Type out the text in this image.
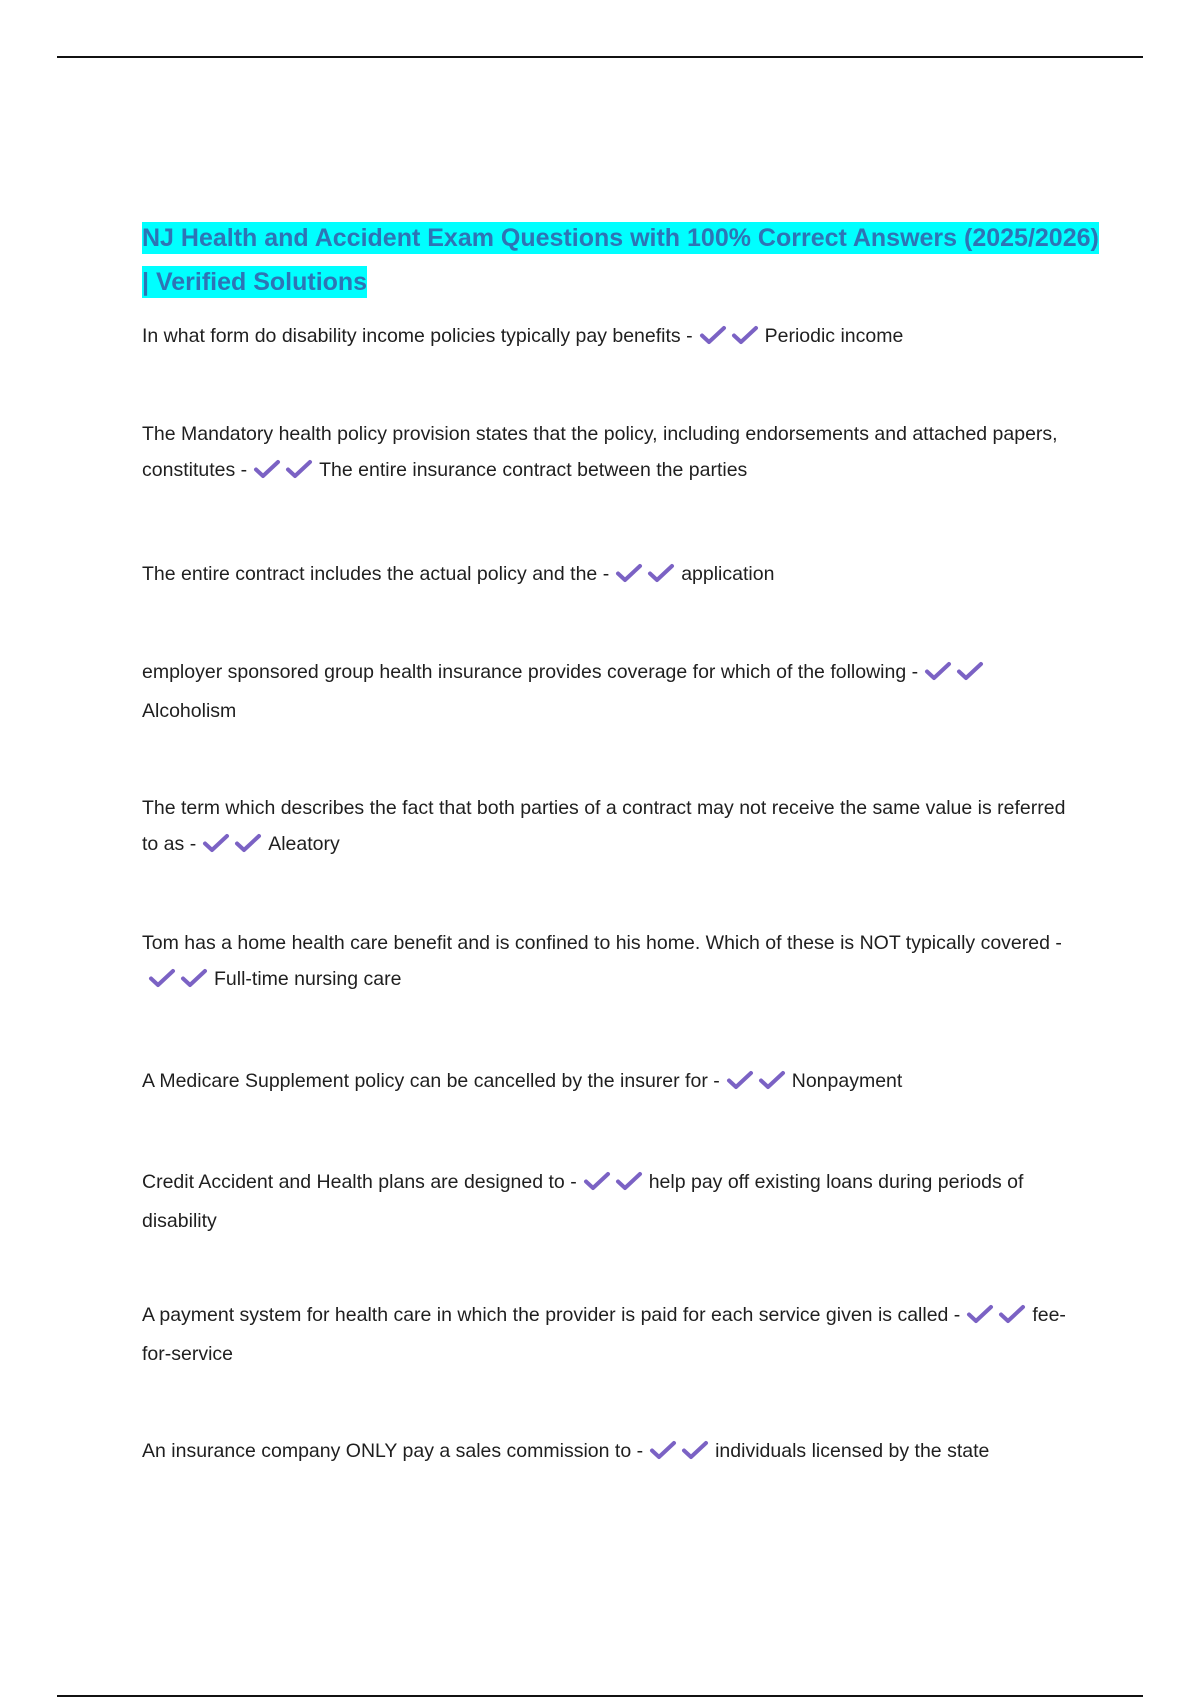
NJ Health and Accident Exam Questions with 100% Correct Answers (2025/2026) | Verified Solutions

In what form do disability income policies typically pay benefits -	Periodic income

The Mandatory health policy provision states that the policy, including endorsements and attached papers, constitutes -	The entire insurance contract between the parties

The entire contract includes the actual policy and the -	application

employer sponsored group health insurance provides coverage for which of the following -Alcoholism

The term which describes the fact that both parties of a contract may not receive the same value is referred to as -	Aleatory

Tom has a home health care benefit and is confined to his home. Which of these is NOT typically covered -Full-time nursing care

A Medicare Supplement policy can be cancelled by the insurer for -	Nonpayment

Credit Accident and Health plans are designed to -	help pay off existing loans during periods of disability

A payment system for health care in which the provider is paid for each service given is called -	fee-for-service

An insurance company ONLY pay a sales commission to -	individuals licensed by the state
